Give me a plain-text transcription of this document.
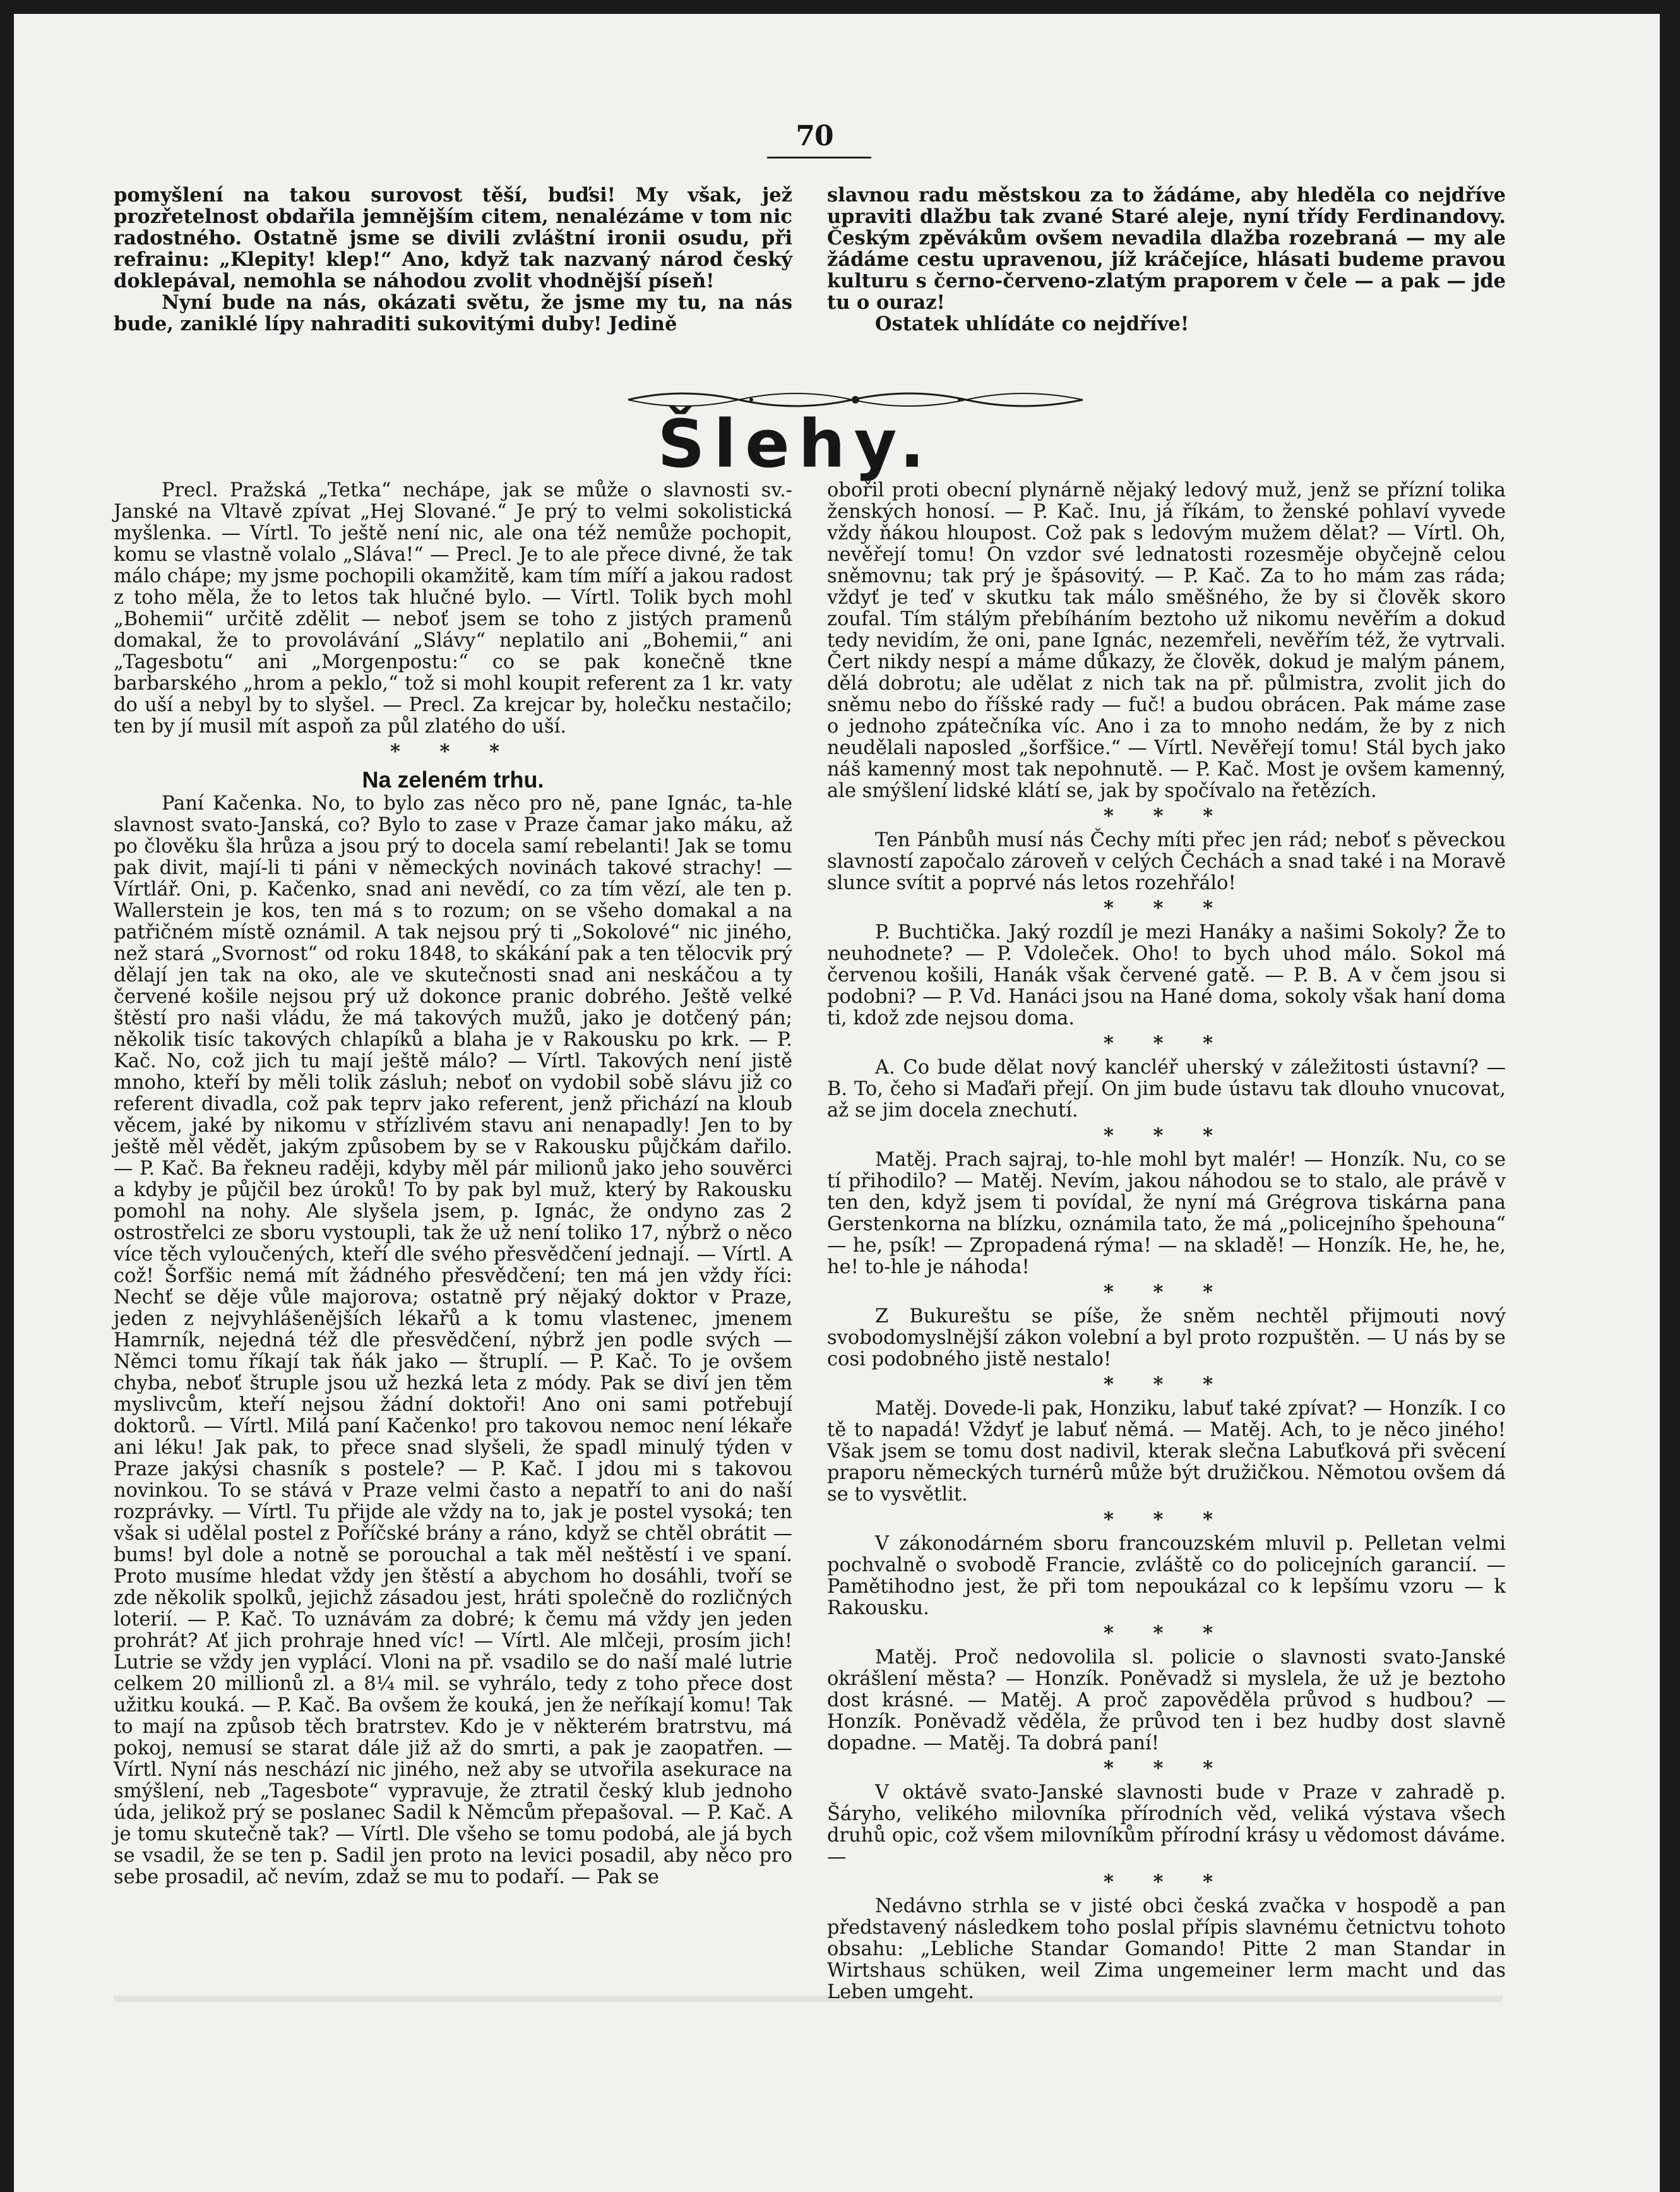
70

pomyšlení na takou surovost těší, buďsi! My však, jež prozřetelnost obdařila jemnějším citem, nenalézáme v tom nic radostného. Ostatně jsme se divili zvláštní ironii osudu, při refrainu: „Klepity! klep!“ Ano, když tak nazvaný národ český doklepával, nemohla se náhodou zvolit vhodnější píseň!

Nyní bude na nás, okázati světu, že jsme my tu, na nás bude, zaniklé lípy nahraditi sukovitými duby! Jedině

slavnou radu městskou za to žádáme, aby hleděla co nejdříve upraviti dlažbu tak zvané Staré aleje, nyní třídy Ferdinandovy. Českým zpěvákům ovšem nevadila dlažba rozebraná — my ale žádáme cestu upravenou, jíž kráčejíce, hlásati budeme pravou kulturu s černo-červeno-zlatým praporem v čele — a pak — jde tu o ouraz!

Ostatek uhlídáte co nejdříve!

Šlehy.

Precl. Pražská „Tetka“ nechápe, jak se může o slavnosti sv.-Janské na Vltavě zpívat „Hej Slované.“ Je prý to velmi sokolistická myšlenka. — Vírtl. To ještě není nic, ale ona též nemůže pochopit, komu se vlastně volalo „Sláva!“ — Precl. Je to ale přece divné, že tak málo chápe; my jsme pochopili okamžitě, kam tím míří a jakou radost z toho měla, že to letos tak hlučné bylo. — Vírtl. Tolik bych mohl „Bohemii“ určitě zdělit — neboť jsem se toho z jistých pramenů domakal, že to provolávání „Slávy“ neplatilo ani „Bohemii,“ ani „Tagesbotu“ ani „Morgenpostu:“ co se pak konečně tkne barbarského „hrom a peklo,“ tož si mohl koupit referent za 1 kr. vaty do uší a nebyl by to slyšel. — Precl. Za krejcar by, holečku nestačilo; ten by jí musil mít aspoň za půl zlatého do uší.

* * *
Na zeleném trhu.

Paní Kačenka. No, to bylo zas něco pro ně, pane Ignác, ta-hle slavnost svato-Janská, co? Bylo to zase v Praze čamar jako máku, až po člověku šla hrůza a jsou prý to docela samí rebelanti! Jak se tomu pak divit, mají-li ti páni v německých novinách takové strachy! — Vírtlář. Oni, p. Kačenko, snad ani nevědí, co za tím vězí, ale ten p. Wallerstein je kos, ten má s to rozum; on se všeho domakal a na patřičném místě oznámil. A tak nejsou prý ti „Sokolové“ nic jiného, než stará „Svornost“ od roku 1848, to skákání pak a ten tělocvik prý dělají jen tak na oko, ale ve skutečnosti snad ani neskáčou a ty červené košile nejsou prý už dokonce pranic dobrého. Ještě velké štěstí pro naši vládu, že má takových mužů, jako je dotčený pán; několik tisíc takových chlapíků a blaha je v Rakousku po krk. — P. Kač. No, což jich tu mají ještě málo? — Vírtl. Takových není jistě mnoho, kteří by měli tolik zásluh; neboť on vydobil sobě slávu již co referent divadla, což pak teprv jako referent, jenž přichází na kloub věcem, jaké by nikomu v střízlivém stavu ani nenapadly! Jen to by ještě měl vědět, jakým způsobem by se v Rakousku půjčkám dařilo. — P. Kač. Ba řekneu raději, kdyby měl pár milionů jako jeho souvěrci a kdyby je půjčil bez úroků! To by pak byl muž, který by Rakousku pomohl na nohy. Ale slyšela jsem, p. Ignác, že ondyno zas 2 ostrostřelci ze sboru vystoupli, tak že už není toliko 17, nýbrž o něco více těch vyloučených, kteří dle svého přesvědčení jednají. — Vírtl. A což! Šorfšic nemá mít žádného přesvědčení; ten má jen vždy říci: Nechť se děje vůle majorova; ostatně prý nějaký doktor v Praze, jeden z nejvyhlášenějších lékařů a k tomu vlastenec, jmenem Hamrník, nejedná též dle přesvědčení, nýbrž jen podle svých — Němci tomu říkají tak ňák jako — štruplí. — P. Kač. To je ovšem chyba, neboť štruple jsou už hezká leta z módy. Pak se diví jen těm myslivcům, kteří nejsou žádní doktoři! Ano oni sami potřebují doktorů. — Vírtl. Milá paní Kačenko! pro takovou nemoc není lékaře ani léku! Jak pak, to přece snad slyšeli, že spadl minulý týden v Praze jakýsi chasník s postele? — P. Kač. I jdou mi s takovou novinkou. To se stává v Praze velmi často a nepatří to ani do naší rozprávky. — Vírtl. Tu přijde ale vždy na to, jak je postel vysoká; ten však si udělal postel z Poříčské brány a ráno, když se chtěl obrátit — bums! byl dole a notně se porouchal a tak měl neštěstí i ve spaní. Proto musíme hledat vždy jen štěstí a abychom ho dosáhli, tvoří se zde několik spolků, jejichž zásadou jest, hráti společně do rozličných loterií. — P. Kač. To uznávám za dobré; k čemu má vždy jen jeden prohrát? Ať jich prohraje hned víc! — Vírtl. Ale mlčeji, prosím jich! Lutrie se vždy jen vyplácí. Vloni na př. vsadilo se do naší malé lutrie celkem 20 millionů zl. a 8¼ mil. se vyhrálo, tedy z toho přece dost užitku kouká. — P. Kač. Ba ovšem že kouká, jen že neříkají komu! Tak to mají na způsob těch bratrstev. Kdo je v některém bratrstvu, má pokoj, nemusí se starat dále již až do smrti, a pak je zaopatřen. — Vírtl. Nyní nás neschází nic jiného, než aby se utvořila asekurace na smýšlení, neb „Tagesbote“ vypravuje, že ztratil český klub jednoho úda, jelikož prý se poslanec Sadil k Němcům přepašoval. — P. Kač. A je tomu skutečně tak? — Vírtl. Dle všeho se tomu podobá, ale já bych se vsadil, že se ten p. Sadil jen proto na levici posadil, aby něco pro sebe prosadil, ač nevím, zdaž se mu to podaří. — Pak se

obořil proti obecní plynárně nějaký ledový muž, jenž se přízní tolika ženských honosí. — P. Kač. Inu, já říkám, to ženské pohlaví vyvede vždy ňákou hloupost. Což pak s ledovým mužem dělat? — Vírtl. Oh, nevěřejí tomu! On vzdor své lednatosti rozesměje obyčejně celou sněmovnu; tak prý je špásovitý. — P. Kač. Za to ho mám zas ráda; vždyť je teď v skutku tak málo směšného, že by si člověk skoro zoufal. Tím stálým přebíháním beztoho už nikomu nevěřím a dokud tedy nevidím, že oni, pane Ignác, nezemřeli, nevěřím též, že vytrvali. Čert nikdy nespí a máme důkazy, že člověk, dokud je malým pánem, dělá dobrotu; ale udělat z nich tak na př. půlmistra, zvolit jich do sněmu nebo do říšské rady — fuč! a budou obrácen. Pak máme zase o jednoho zpátečníka víc. Ano i za to mnoho nedám, že by z nich neudělali naposled „šorfšice.“ — Vírtl. Nevěřejí tomu! Stál bych jako náš kamenný most tak nepohnutě. — P. Kač. Most je ovšem kamenný, ale smýšlení lidské klátí se, jak by spočívalo na řetězích.

* * *

Ten Pánbůh musí nás Čechy míti přec jen rád; neboť s pěveckou slavností započalo zároveň v celých Čechách a snad také i na Moravě slunce svítit a poprvé nás letos rozehřálo!

* * *

P. Buchtička. Jaký rozdíl je mezi Hanáky a našimi Sokoly? Že to neuhodnete? — P. Vdoleček. Oho! to bych uhod málo. Sokol má červenou košili, Hanák však červené gatě. — P. B. A v čem jsou si podobni? — P. Vd. Hanáci jsou na Hané doma, sokoly však haní doma ti, kdož zde nejsou doma.

* * *

A. Co bude dělat nový kancléř uherský v záležitosti ústavní? — B. To, čeho si Maďaři přejí. On jim bude ústavu tak dlouho vnucovat, až se jim docela znechutí.

* * *

Matěj. Prach sajraj, to-hle mohl byt malér! — Honzík. Nu, co se tí přihodilo? — Matěj. Nevím, jakou náhodou se to stalo, ale právě v ten den, když jsem ti povídal, že nyní má Grégrova tiskárna pana Gerstenkorna na blízku, oznámila tato, že má „policejního špehouna“ — he, psík! — Zpropadená rýma! — na skladě! — Honzík. He, he, he, he! to-hle je náhoda!

* * *

Z Bukureštu se píše, že sněm nechtěl přijmouti nový svobodomyslnější zákon volební a byl proto rozpuštěn. — U nás by se cosi podobného jistě nestalo!

* * *

Matěj. Dovede-li pak, Honziku, labuť také zpívat? — Honzík. I co tě to napadá! Vždyť je labuť němá. — Matěj. Ach, to je něco jiného! Však jsem se tomu dost nadivil, kterak slečna Labuťková při svěcení praporu německých turnérů může být družičkou. Němotou ovšem dá se to vysvětlit.

* * *

V zákonodárném sboru francouzském mluvil p. Pelletan velmi pochvalně o svobodě Francie, zvláště co do policejních garancií. — Pamětihodno jest, že při tom nepoukázal co k lepšímu vzoru — k Rakousku.

* * *

Matěj. Proč nedovolila sl. policie o slavnosti svato-Janské okrášlení města? — Honzík. Poněvadž si myslela, že už je beztoho dost krásné. — Matěj. A proč zapověděla průvod s hudbou? — Honzík. Poněvadž věděla, že průvod ten i bez hudby dost slavně dopadne. — Matěj. Ta dobrá paní!

* * *

V oktávě svato-Janské slavnosti bude v Praze v zahradě p. Šáryho, velikého milovníka přírodních věd, veliká výstava všech druhů opic, což všem milovníkům přírodní krásy u vědomost dáváme. —

* * *

Nedávno strhla se v jisté obci česká zvačka v hospodě a pan představený následkem toho poslal přípis slavnému četnictvu tohoto obsahu: „Lebliche Standar Gomando! Pitte 2 man Standar in Wirtshaus schüken, weil Zima ungemeiner lerm macht und das Leben umgeht.
